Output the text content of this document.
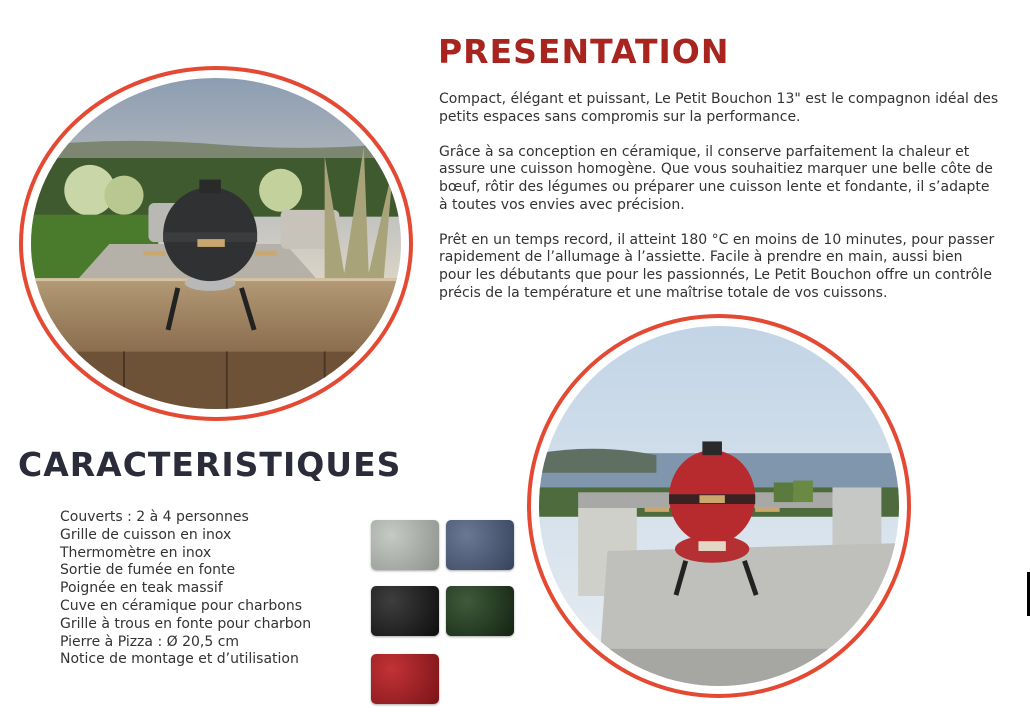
PRESENTATION

Compact, élégant et puissant, Le Petit Bouchon 13" est le compagnon idéal des petits espaces sans compromis sur la performance.

Grâce à sa conception en céramique, il conserve parfaitement la chaleur et assure une cuisson homogène. Que vous souhaitiez marquer une belle côte de bœuf, rôtir des légumes ou préparer une cuisson lente et fondante, il s’adapte à toutes vos envies avec précision.

Prêt en un temps record, il atteint 180 °C en moins de 10 minutes, pour passer rapidement de l’allumage à l’assiette. Facile à prendre en main, aussi bien pour les débutants que pour les passionnés, Le Petit Bouchon offre un contrôle précis de la température et une maîtrise totale de vos cuissons.

CARACTERISTIQUES
Couverts : 2 à 4 personnes
Grille de cuisson en inox
Thermomètre en inox
Sortie de fumée en fonte
Poignée en teak massif
Cuve en céramique pour charbons
Grille à trous en fonte pour charbon
Pierre à Pizza : Ø 20,5 cm
Notice de montage et d’utilisation
